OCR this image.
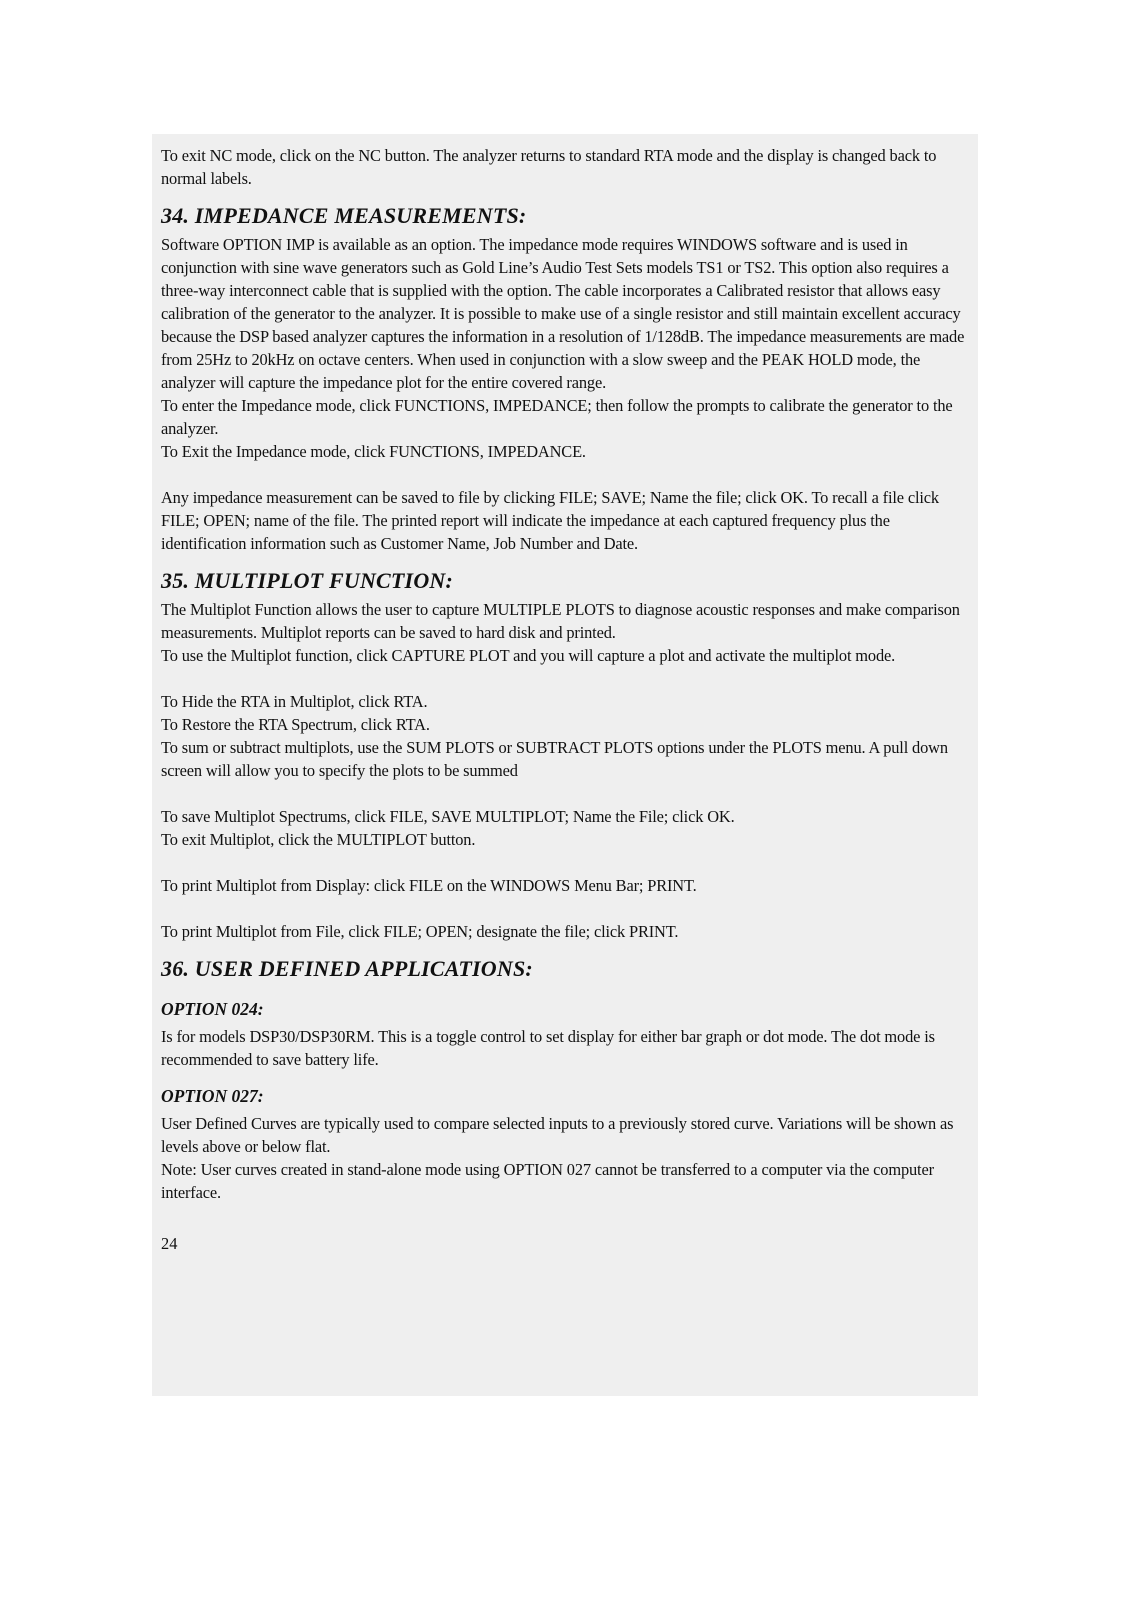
To exit NC mode, click on the NC button. The analyzer returns to standard RTA mode and the display is changed back to normal labels.

34. IMPEDANCE MEASUREMENTS:

Software OPTION IMP is available as an option. The impedance mode requires WINDOWS software and is used in conjunction with sine wave generators such as Gold Line’s Audio Test Sets models TS1 or TS2. This option also requires a three-way interconnect cable that is supplied with the option. The cable incorporates a Calibrated resistor that allows easy calibration of the generator to the analyzer. It is possible to make use of a single resistor and still maintain excellent accuracy because the DSP based analyzer captures the information in a resolution of 1/128dB. The impedance measurements are made from 25Hz to 20kHz on octave centers. When used in conjunction with a slow sweep and the PEAK HOLD mode, the analyzer will capture the impedance plot for the entire covered range.

To enter the Impedance mode, click FUNCTIONS, IMPEDANCE; then follow the prompts to calibrate the generator to the analyzer.

To Exit the Impedance mode, click FUNCTIONS, IMPEDANCE.

Any impedance measurement can be saved to file by clicking FILE; SAVE; Name the file; click OK. To recall a file click FILE; OPEN; name of the file. The printed report will indicate the impedance at each captured frequency plus the identification information such as Customer Name, Job Number and Date.

35. MULTIPLOT FUNCTION:

The Multiplot Function allows the user to capture MULTIPLE PLOTS to diagnose acoustic responses and make comparison measurements. Multiplot reports can be saved to hard disk and printed.

To use the Multiplot function, click CAPTURE PLOT and you will capture a plot and activate the multiplot mode.

To Hide the RTA in Multiplot, click RTA.

To Restore the RTA Spectrum, click RTA.

To sum or subtract multiplots, use the SUM PLOTS or SUBTRACT PLOTS options under the PLOTS menu. A pull down screen will allow you to specify the plots to be summed

To save Multiplot Spectrums, click FILE, SAVE MULTIPLOT; Name the File; click OK.

To exit Multiplot, click the MULTIPLOT button.

To print Multiplot from Display: click FILE on the WINDOWS Menu Bar; PRINT.

To print Multiplot from File, click FILE; OPEN; designate the file; click PRINT.

36. USER DEFINED APPLICATIONS:
OPTION 024:

Is for models DSP30/DSP30RM. This is a toggle control to set display for either bar graph or dot mode. The dot mode is recommended to save battery life.

OPTION 027:

User Defined Curves are typically used to compare selected inputs to a previously stored curve. Variations will be shown as levels above or below flat.

Note: User curves created in stand-alone mode using OPTION 027 cannot be transferred to a computer via the computer interface.

24
